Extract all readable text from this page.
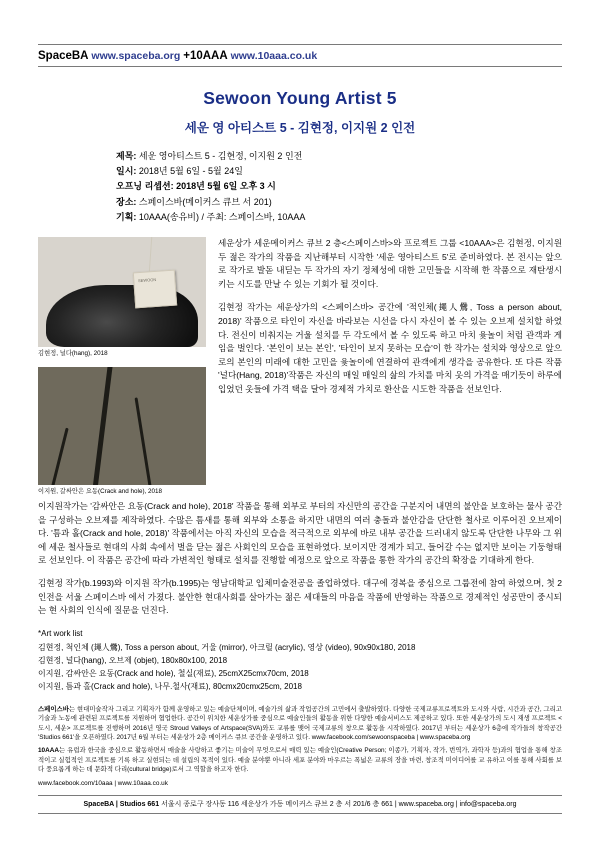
SpaceBA www.spaceba.org +10AAA www.10aaa.co.uk
Sewoon Young Artist 5
세운 영 아티스트 5 - 김현정, 이지원 2 인전
제목: 세운 영아티스트 5 - 김현정, 이지원 2 인전
일시: 2018년 5월 6일 - 5월 24일
오프닝 리셉션: 2018년 5월 6일 오후 3 시
장소: 스페이스바(메이커스 큐브 서 201)
기획: 10AAA(송유비) / 주최: 스페이스바, 10AAA
SEWOON
김현정, 널다(hang), 2018
이지원, 갈싸안은 요동(Crack and hole), 2018

세운상가 세운메이커스 큐브 2 층<스페이스바>와 프로젝트 그룹 <10AAA>은 김현정, 이지원 두 젊은 작가의 작품을 지난해부터 시작한 '세운 영아티스트 5'로 준비하였다. 본 전시는 앞으로 작가로 발돋 내딛는 두 작가의 자기 정체성에 대한 고민들을 시작해 한 작품으로 재탄생시키는 시도를 만날 수 있는 기회가 될 것이다.

김현정 작가는 세운상가의 <스페이스바> 공간에 '적인체(䵷人䴎, Toss a person about, 2018)' 작품으로 타인이 자신을 바라보는 시선을 다시 자신이 볼 수 있는 오브제 설치할 하였다. 전신이 비춰지는 거울 설치를 두 각도에서 볼 수 있도록 하고 마치 윷놀이 처럼 관객과 게임을 벌인다. '본인이 보는 본인', '타인이 보지 못하는 모습'이 한 작가는 설치와 영상으로 앞으로의 본인의 미래에 대한 고민을 윷놀이에 연결하여 관객에게 생각을 공유한다. 또 다른 작품 '널다(Hang, 2018)'작품은 자신의 매일 매일의 삶의 가치를 마치 옷의 가격을 매기듯이 하루에 입었던 옷들에 가격 택을 달아 경제적 가치로 환산을 시도한 작품을 선보인다.

이지원작가는 '감싸안은 요동(Crack and hole), 2018' 작품을 통해 외부로 부터의 자신만의 공간을 구분지어 내면의 불안을 보호하는 물사 공간을 구성하는 오브제를 제작하였다. 수많은 틈새를 통해 외부와 소통을 하지만 내면의 여러 충돌과 불안감을 단단한 철사로 이루어진 오브제이다. '틈과 홀(Crack and hole, 2018)' 작품에서는 아직 자신의 모습을 적극적으로 외부에 바로 내부 공간을 드러내지 않도록 단단한 나무와 그 위에 세운 철사들로 현대의 사회 속에서 벌을 닫는 젊은 사회인의 모습을 표현하였다. 보이지만 경계가 되고, 들어갈 수는 없지만 보이는 기둥형태로 선보인다. 이 작품은 공간에 따라 가변적인 형태로 설치를 진행할 예정으로 앞으로 작품을 통한 작가의 공간의 확장을 기대하게 한다.

김현정 작가(b.1993)와 이지원 작가(b.1995)는 영남대학교 입체미술전공을 졸업하였다. 대구에 경복을 중심으로 그룹전에 참여 하였으며, 첫 2 인전을 서울 스페이스바 에서 가졌다. 불안한 현대사회를 살아가는 젊은 세대들의 마음을 작품에 반영하는 작품으로 경제적인 성공만이 중시되는 현 사회의 인식에 질문을 던진다.

*Art work list
김현정, 척인체 (䵷人䴎), Toss a person about, 거울 (mirror), 아크릴 (acrylic), 영상 (video), 90x90x180, 2018
김현정, 널다(hang), 오브제 (objet), 180x80x100, 2018
이지원, 감싸안은 요동(Crack and hole), 철실(재료), 25cmX25cmx70cm, 2018
이지원, 틈과 홀(Crack and hole), 나무.철사(재료), 80cmx20cmx25cm, 2018

스페이스바는 현대미술작자 그리고 기획자가 함께 운영하고 있는 예술단체이며, 예술가의 삶과 작업공간의 고민에서 출발하였다. 다양한 국제교류프로젝트와 도시와 사람, 시간과 공간, 그리고 기술과 노동에 관련된 프로젝트를 지원하며 협업한다. 공간이 위치한 세운상가를 중심으로 예술인들의 활동을 위한 다양한 예술서비스도 제공하고 있다. 또한 세운상가의 도시 재생 프로젝트 <도시, 세운> 프로젝트를 진행하며 2016년 영국 Stroud Valleys of Artspace(SVA)와도 교류를 맺어 국제교류의 창으로 활동을 시작하였다. 2017년 부터는 세운상가 6층에 작가들의 창작공간 'Studios 661'을 오픈하였다. 2017년 6월 부터는 세운상가 2층 메이커스 큐브 공간을 운영하고 있다. www.facebook.com/sewoonspaceba | www.spaceba.org

10AAA는 유럽과 한국을 중심으로 활동하면서 매술을 사랑하고 좋기는 미술이 무엇으로서 매력 있는 예술인(Creative Person; 이종가, 기획자, 작가, 번역가, 과학자 등)과의 협업을 통해 창조적이고 실험적인 프로젝트를 기록 하고 실현되는 데 설립의 목적이 있다. 예술 분야뿐 아니라 세포 분야와 마우르는 폭넓은 교류의 장을 마련, 창조적 미이디어를 교 유하고 이를 통해 사회를 보다 풍요롭게 하는 데 문화적 다리(cultural bridge)로서 그 역할을 하고자 한다.

www.facebook.com/10aaa | www.10aaa.co.uk

SpaceBA | Studios 661 서울시 종로구 장사동 116 세운상가 가동 메이커스 큐브 2 층 서 201/6 층 661 | www.spaceba.org | info@spaceba.org
